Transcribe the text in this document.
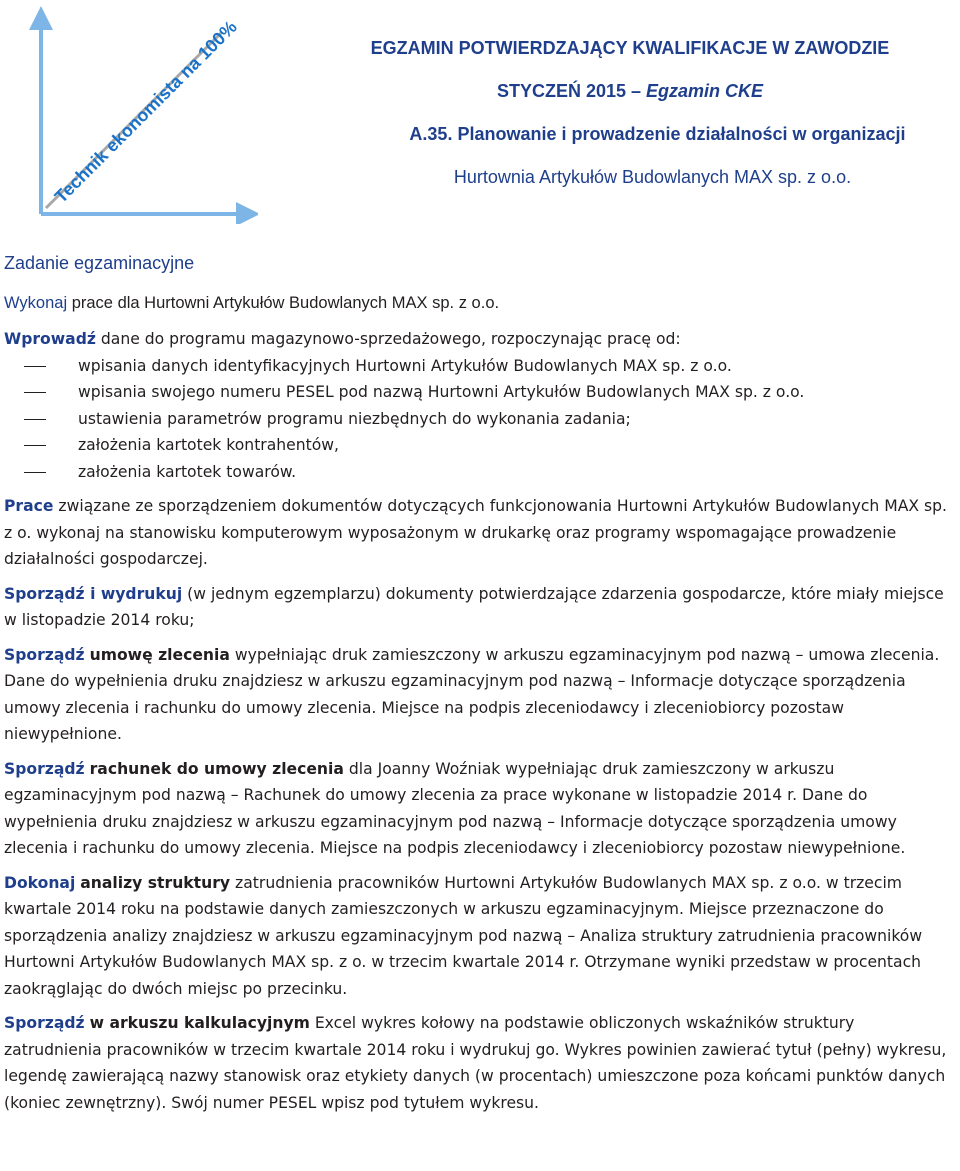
Technik ekonomista na 100%	EGZAMIN POTWIERDZAJĄCY KWALIFIKACJE W ZAWODZIE
STYCZEŃ 2015 – Egzamin CKE
A.35. Planowanie i prowadzenie działalności w organizacji
Hurtownia Artykułów Budowlanych MAX sp. z o.o.
Zadanie egzaminacyjne

Wykonaj prace dla Hurtowni Artykułów Budowlanych MAX sp. z o.o.

Wprowadź dane do programu magazynowo-sprzedażowego, rozpoczynając pracę od:

wpisania danych identyfikacyjnych Hurtowni Artykułów Budowlanych MAX sp. z o.o.
wpisania swojego numeru PESEL pod nazwą Hurtowni Artykułów Budowlanych MAX sp. z o.o.
ustawienia parametrów programu niezbędnych do wykonania zadania;
założenia kartotek kontrahentów,
założenia kartotek towarów.

Prace związane ze sporządzeniem dokumentów dotyczących funkcjonowania Hurtowni Artykułów Budowlanych MAX sp. z o. wykonaj na stanowisku komputerowym wyposażonym w drukarkę oraz programy wspomagające prowadzenie działalności gospodarczej.

Sporządź i wydrukuj (w jednym egzemplarzu) dokumenty potwierdzające zdarzenia gospodarcze, które miały miejsce w listopadzie 2014 roku;

Sporządź umowę zlecenia wypełniając druk zamieszczony w arkuszu egzaminacyjnym pod nazwą – umowa zlecenia. Dane do wypełnienia druku znajdziesz w arkuszu egzaminacyjnym pod nazwą – Informacje dotyczące sporządzenia umowy zlecenia i rachunku do umowy zlecenia. Miejsce na podpis zleceniodawcy i zleceniobiorcy pozostaw niewypełnione.

Sporządź rachunek do umowy zlecenia dla Joanny Woźniak wypełniając druk zamieszczony w arkuszu egzaminacyjnym pod nazwą – Rachunek do umowy zlecenia za prace wykonane w listopadzie 2014 r. Dane do wypełnienia druku znajdziesz w arkuszu egzaminacyjnym pod nazwą – Informacje dotyczące sporządzenia umowy zlecenia i rachunku do umowy zlecenia. Miejsce na podpis zleceniodawcy i zleceniobiorcy pozostaw niewypełnione.

Dokonaj analizy struktury zatrudnienia pracowników Hurtowni Artykułów Budowlanych MAX sp. z o.o. w trzecim kwartale 2014 roku na podstawie danych zamieszczonych w arkuszu egzaminacyjnym. Miejsce przeznaczone do sporządzenia analizy znajdziesz w arkuszu egzaminacyjnym pod nazwą – Analiza struktury zatrudnienia pracowników Hurtowni Artykułów Budowlanych MAX sp. z o. w trzecim kwartale 2014 r. Otrzymane wyniki przedstaw w procentach zaokrąglając do dwóch miejsc po przecinku.

Sporządź w arkuszu kalkulacyjnym Excel wykres kołowy na podstawie obliczonych wskaźników struktury zatrudnienia pracowników w trzecim kwartale 2014 roku i wydrukuj go. Wykres powinien zawierać tytuł (pełny) wykresu, legendę zawierającą nazwy stanowisk oraz etykiety danych (w procentach) umieszczone poza końcami punktów danych (koniec zewnętrzny). Swój numer PESEL wpisz pod tytułem wykresu.
